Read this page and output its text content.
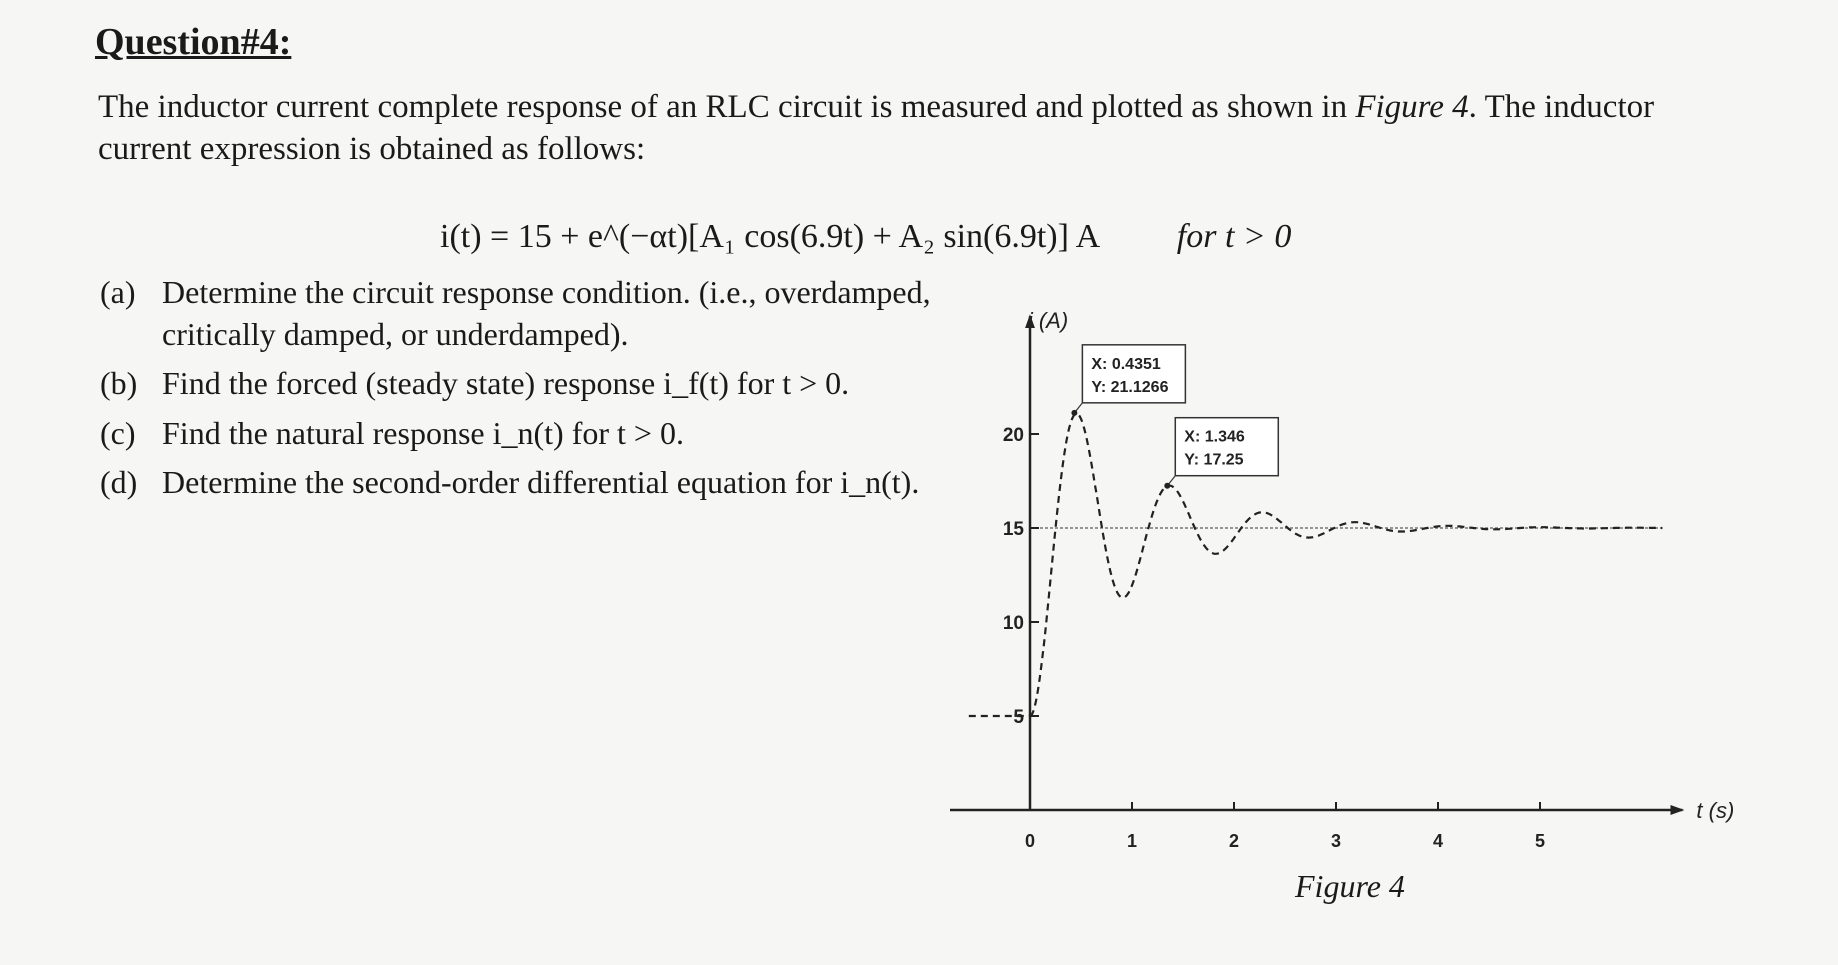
Question#4:
The inductor current complete response of an RLC circuit is measured and plotted as shown in Figure 4. The inductor current expression is obtained as follows:
i(t) = 15 + e^(−αt)[A₁ cos(6.9t) + A₂ sin(6.9t)] A for t > 0
(a) Determine the circuit response condition. (i.e., overdamped, critically damped, or underdamped).
(b) Find the forced (steady state) response i_f(t) for t > 0.
(c) Find the natural response i_n(t) for t > 0.
(d) Determine the second-order differential equation for i_n(t).
0	1	2	3	4	5
5
10
15
20
X: 0.4351
Y: 21.1266
X: 1.346
Y: 17.25
i (A)
t (s)
Figure 4
